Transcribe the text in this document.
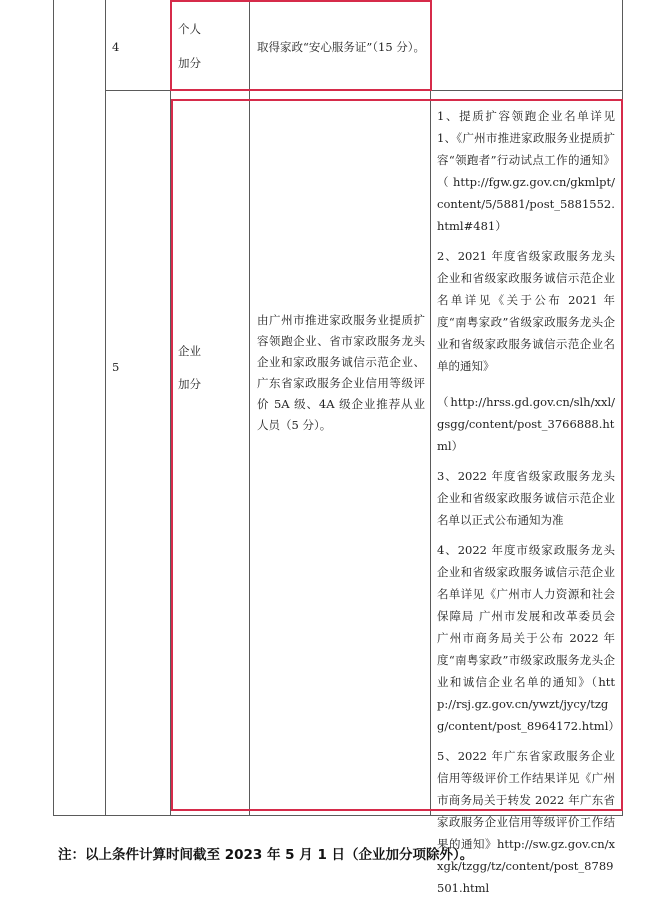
4
个人
加分
取得家政“安心服务证”（15 分）。
5
企业
加分
由广州市推进家政服务业提质扩容领跑企业、省市家政服务龙头企业和家政服务诚信示范企业、广东省家政服务企业信用等级评价 5A 级、4A 级企业推荐从业人员（5 分）。

1、提质扩容领跑企业名单详见 1、《广州市推进家政服务业提质扩容“领跑者”行动试点工作的通知》（http://fgw.gz.gov.cn/gkmlpt/content/5/5881/post_5881552.html#481）

2、2021 年度省级家政服务龙头企业和省级家政服务诚信示范企业名单详见《关于公布 2021 年度“南粤家政”省级家政服务龙头企业和省级家政服务诚信示范企业名单的通知》

（http://hrss.gd.gov.cn/slh/xxl/gsgg/content/post_3766888.html）

3、2022 年度省级家政服务龙头企业和省级家政服务诚信示范企业名单以正式公布通知为准

4、2022 年度市级家政服务龙头企业和省级家政服务诚信示范企业名单详见《广州市人力资源和社会保障局 广州市发展和改革委员会 广州市商务局关于公布 2022 年度“南粤家政”市级家政服务龙头企业和诚信企业名单的通知》（http://rsj.gz.gov.cn/ywzt/jycy/tzgg/content/post_8964172.html）

5、2022 年广东省家政服务企业信用等级评价工作结果详见《广州市商务局关于转发 2022 年广东省家政服务企业信用等级评价工作结果的通知》http://sw.gz.gov.cn/xxgk/tzgg/tz/content/post_8789501.html

注：以上条件计算时间截至 2023 年 5 月 1 日（企业加分项除外）。
